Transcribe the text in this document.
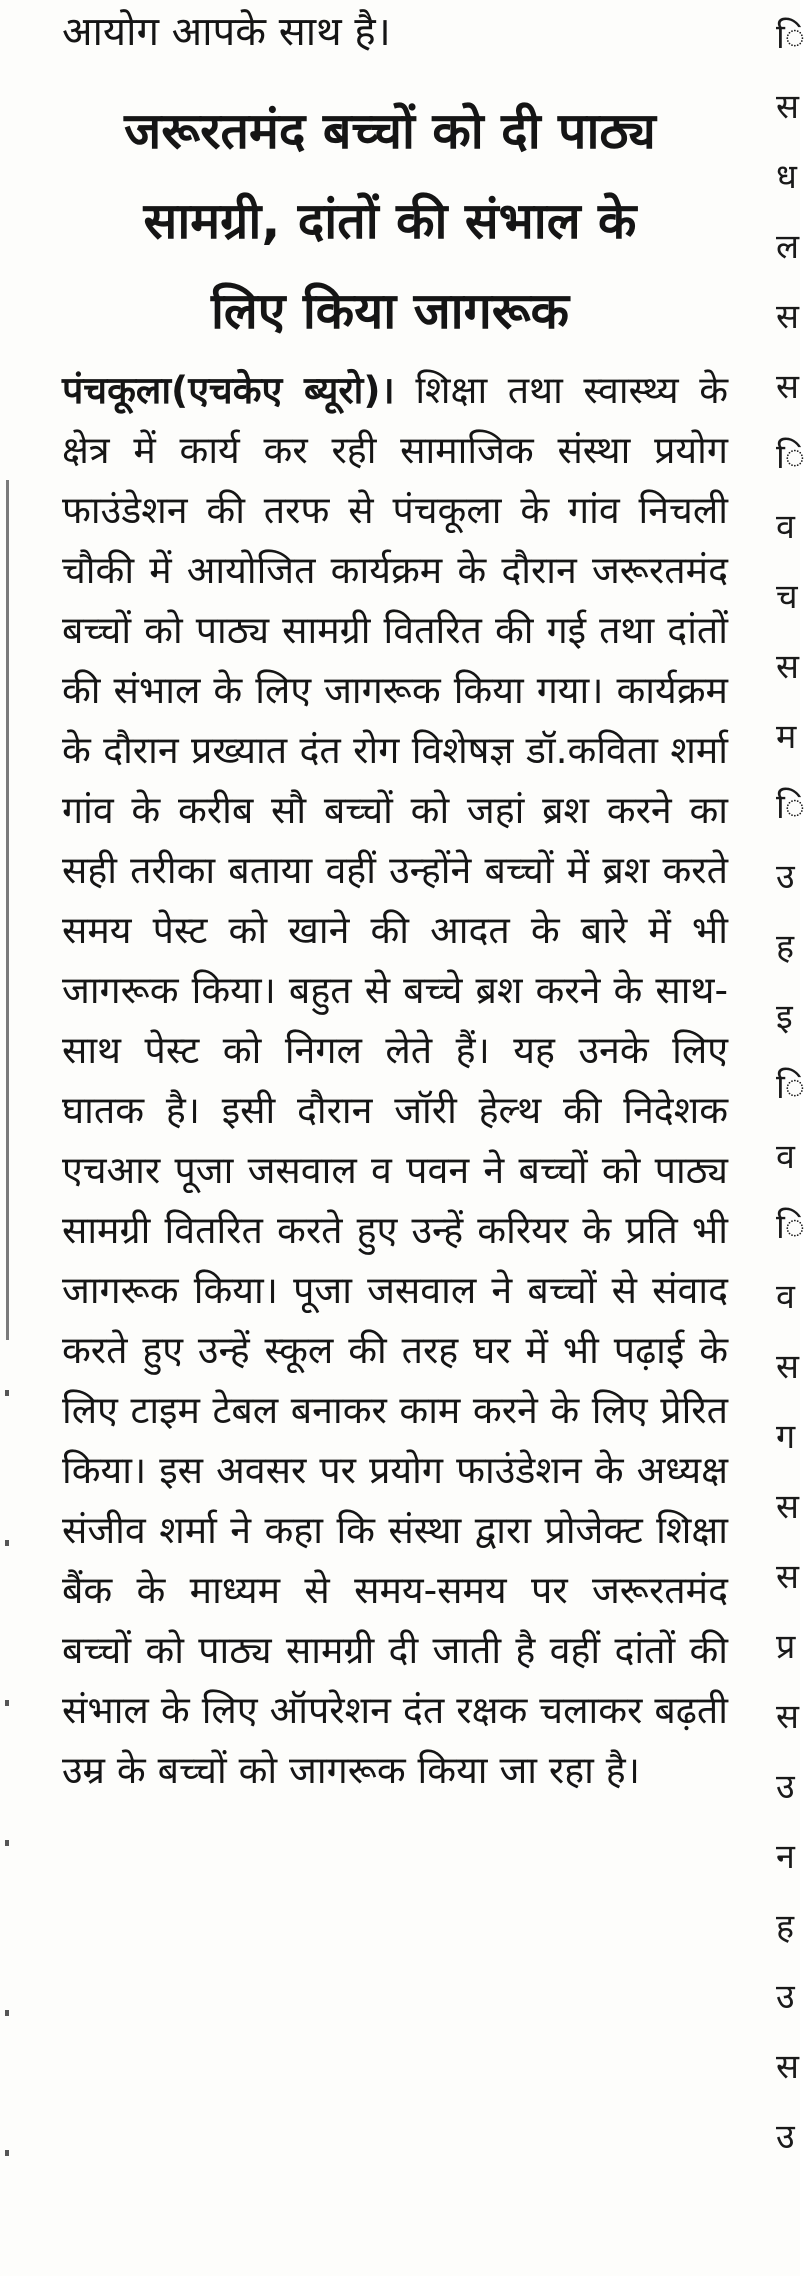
आयोग आपके साथ है।
जरूरतमंद बच्चों को दी पाठ्य
सामग्री, दांतों की संभाल के
लिए किया जागरूक
पंचकूला(एचकेए ब्यूरो)। शिक्षा तथा स्वास्थ्य के क्षेत्र में कार्य कर रही सामाजिक संस्था प्रयोग फाउंडेशन की तरफ से पंचकूला के गांव निचली चौकी में आयोजित कार्यक्रम के दौरान जरूरतमंद बच्चों को पाठ्य सामग्री वितरित की गई तथा दांतों की संभाल के लिए जागरूक किया गया। कार्यक्रम के दौरान प्रख्यात दंत रोग विशेषज्ञ डॉ.कविता शर्मा गांव के करीब सौ बच्चों को जहां ब्रश करने का सही तरीका बताया वहीं उन्होंने बच्चों में ब्रश करते समय पेस्ट को खाने की आदत के बारे में भी जागरूक किया। बहुत से बच्चे ब्रश करने के साथ-साथ पेस्ट को निगल लेते हैं। यह उनके लिए घातक है। इसी दौरान जॉरी हेल्थ की निदेशक एचआर पूजा जसवाल व पवन ने बच्चों को पाठ्य सामग्री वितरित करते हुए उन्हें करियर के प्रति भी जागरूक किया। पूजा जसवाल ने बच्चों से संवाद करते हुए उन्हें स्कूल की तरह घर में भी पढ़ाई के लिए टाइम टेबल बनाकर काम करने के लिए प्रेरित किया। इस अवसर पर प्रयोग फाउंडेशन के अध्यक्ष संजीव शर्मा ने कहा कि संस्था द्वारा प्रोजेक्ट शिक्षा बैंक के माध्यम से समय-समय पर जरूरतमंद बच्चों को पाठ्य सामग्री दी जाती है वहीं दांतों की संभाल के लिए ऑपरेशन दंत रक्षक चलाकर बढ़ती उम्र के बच्चों को जागरूक किया जा रहा है।
ि
स
ध
ल
स
स
ि
व
च
स
म
ि
उ
ह
इ
ि
व
ि
व
स
ग
स
स
प्र
स
उ
न
ह
उ
स
उ
